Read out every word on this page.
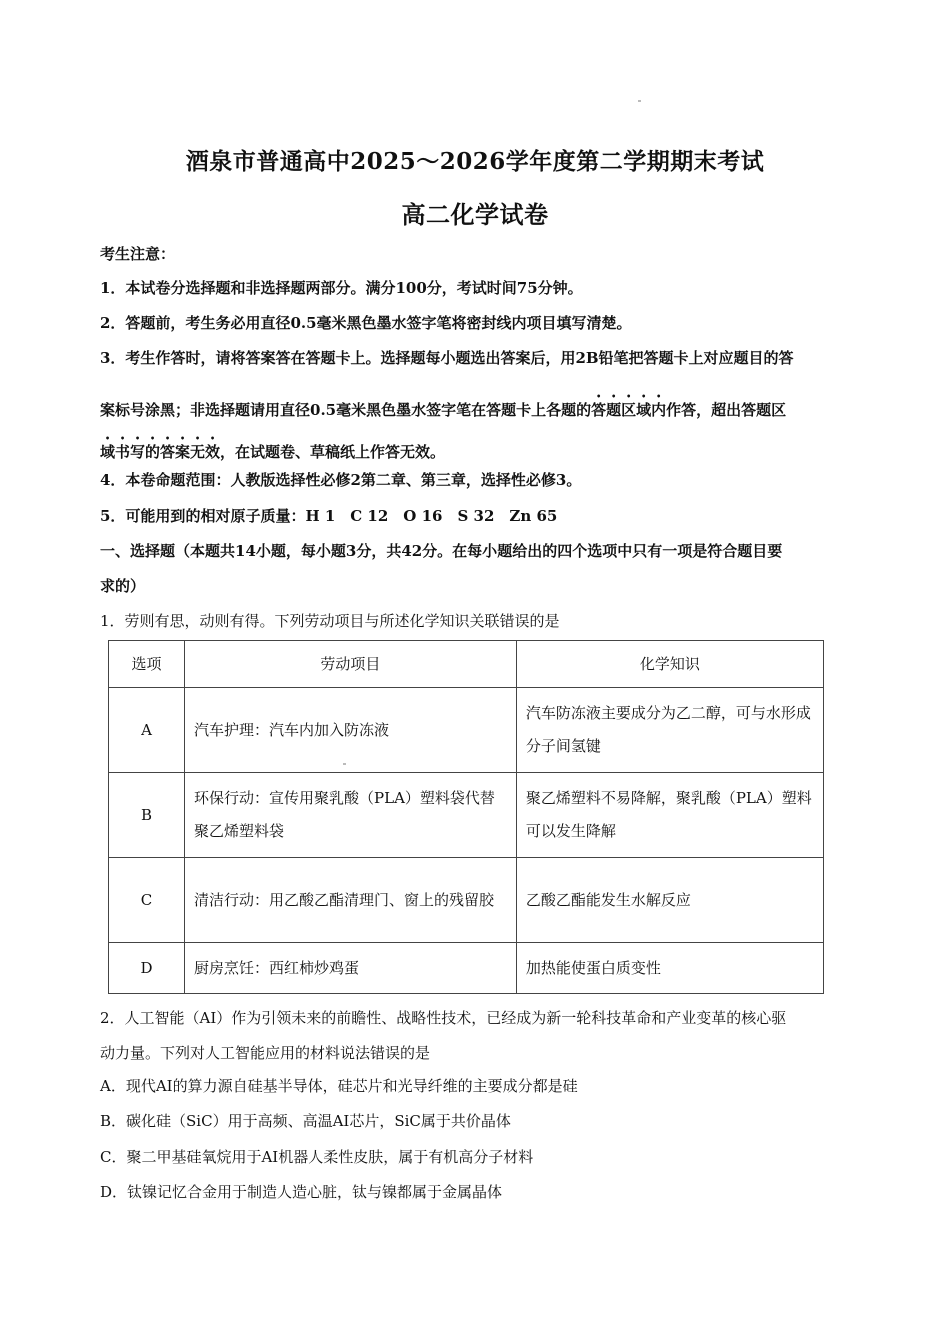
酒泉市普通高中2025～2026学年度第二学期期末考试
高二化学试卷
考生注意：
1．本试卷分选择题和非选择题两部分。满分100分，考试时间75分钟。
2．答题前，考生务必用直径0.5毫米黑色墨水签字笔将密封线内项目填写清楚。
3．考生作答时，请将答案答在答题卡上。选择题每小题选出答案后，用2B铅笔把答题卡上对应题目的答
案标号涂黑；非选择题请用直径0.5毫米黑色墨水签字笔在答题卡上各题的答题区域内作答，超出答题区
域书写的答案无效，在试题卷、草稿纸上作答无效。
4．本卷命题范围：人教版选择性必修2第二章、第三章，选择性必修3。
5．可能用到的相对原子质量：H 1　C 12　O 16　S 32　Zn 65
一、选择题（本题共14小题，每小题3分，共42分。在每小题给出的四个选项中只有一项是符合题目要
求的）
1．劳则有思，动则有得。下列劳动项目与所述化学知识关联错误的是
选项	劳动项目	化学知识
A	汽车护理：汽车内加入防冻液	汽车防冻液主要成分为乙二醇，可与水形成分子间氢键
B	环保行动：宣传用聚乳酸（PLA）塑料袋代替聚乙烯塑料袋	聚乙烯塑料不易降解，聚乳酸（PLA）塑料可以发生降解
C	清洁行动：用乙酸乙酯清理门、窗上的残留胶	乙酸乙酯能发生水解反应
D	厨房烹饪：西红柿炒鸡蛋	加热能使蛋白质变性
2．人工智能（AI）作为引领未来的前瞻性、战略性技术，已经成为新一轮科技革命和产业变革的核心驱
动力量。下列对人工智能应用的材料说法错误的是
A．现代AI的算力源自硅基半导体，硅芯片和光导纤维的主要成分都是硅
B．碳化硅（SiC）用于高频、高温AI芯片，SiC属于共价晶体
C．聚二甲基硅氧烷用于AI机器人柔性皮肤，属于有机高分子材料
D．钛镍记忆合金用于制造人造心脏，钛与镍都属于金属晶体
